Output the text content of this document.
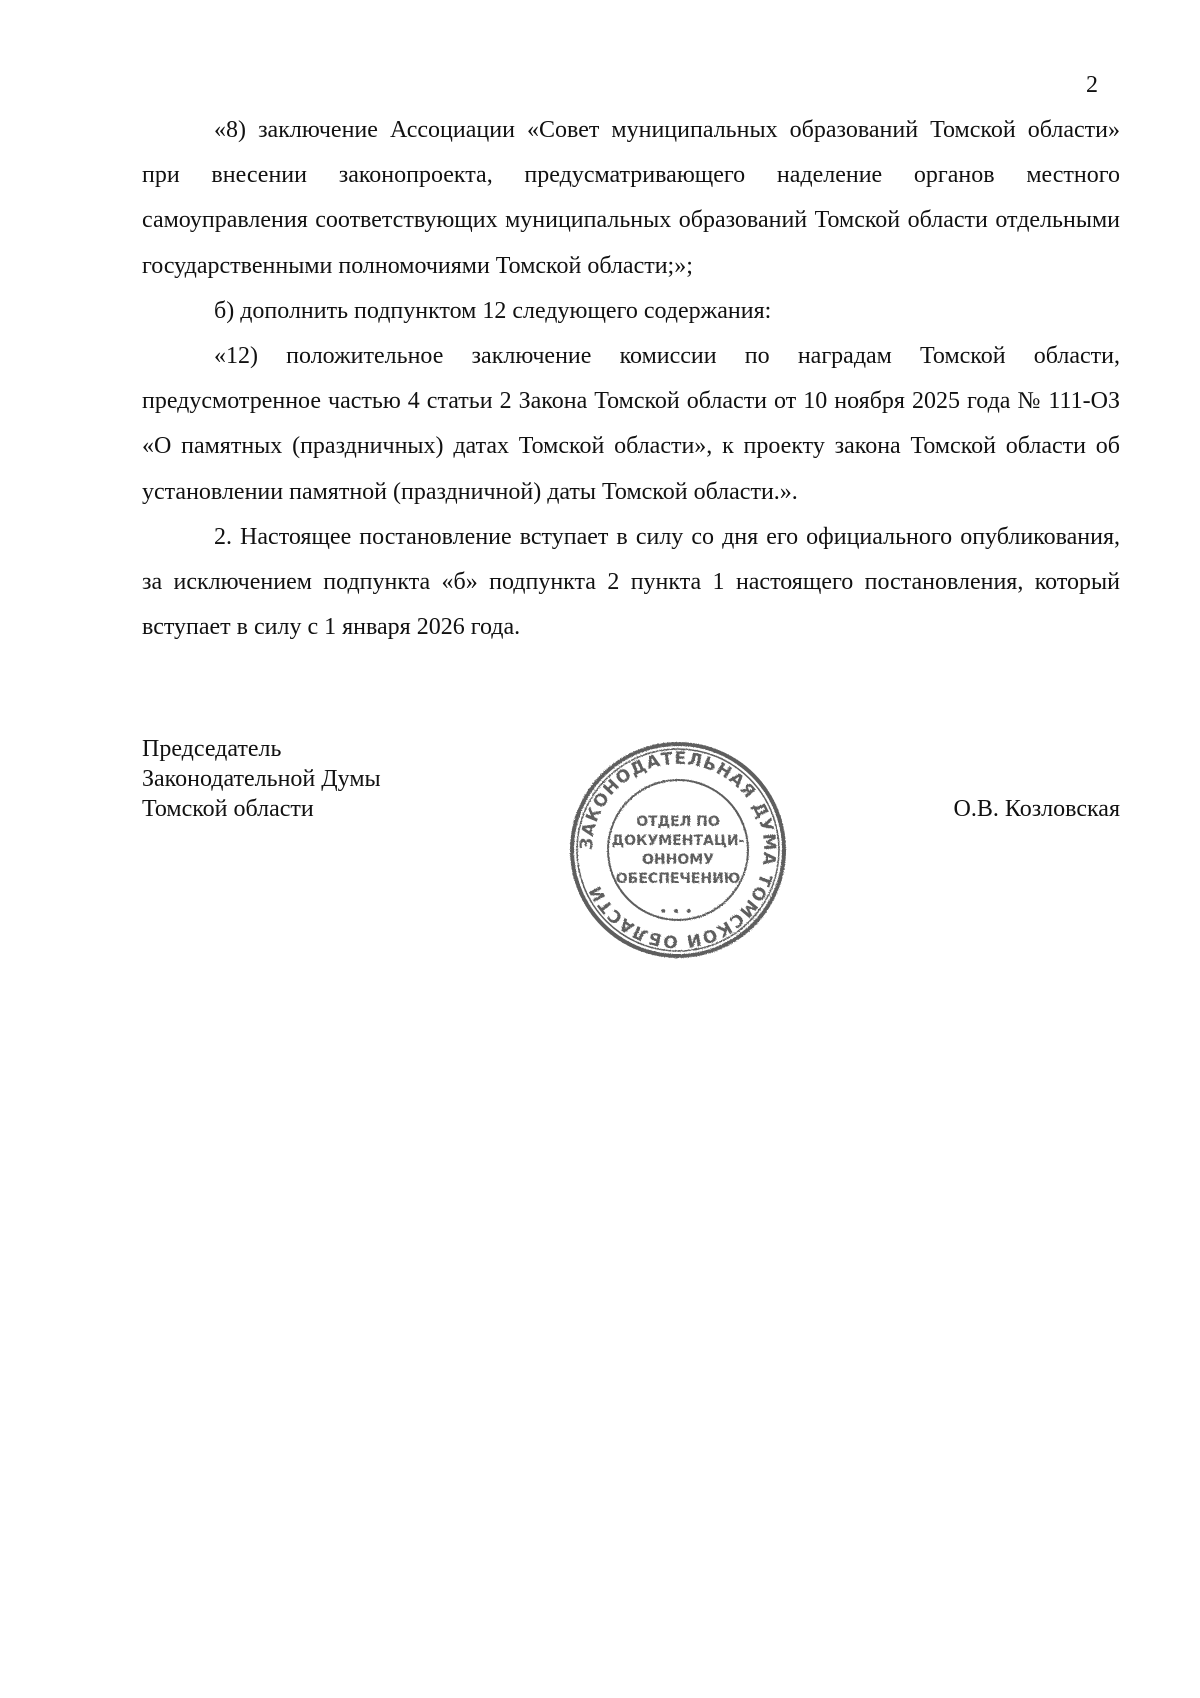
2

«8) заключение Ассоциации «Совет муниципальных образований Томской области» при внесении законопроекта, предусматривающего наделение органов местного самоуправления соответствующих муниципальных образований Томской области отдельными государственными полномочиями Томской области;»;

б) дополнить подпунктом 12 следующего содержания:

«12) положительное заключение комиссии по наградам Томской области, предусмотренное частью 4 статьи 2 Закона Томской области от 10 ноября 2025 года № 111-ОЗ «О памятных (праздничных) датах Томской области», к проекту закона Томской области об установлении памятной (праздничной) даты Томской области.».

2. Настоящее постановление вступает в силу со дня его официального опубликования, за исключением подпункта «б» подпункта 2 пункта 1 настоящего постановления, который вступает в силу с 1 января 2026 года.

Председатель
Законодательной Думы
Томской области	О.В. Козловская
ЗАКОНОДАТЕЛЬНАЯ ДУМА ТОМСКОЙ ОБЛАСТИ
• • •
ОТДЕЛ ПО
ДОКУМЕНТАЦИ-
ОННОМУ
ОБЕСПЕЧЕНИЮ
